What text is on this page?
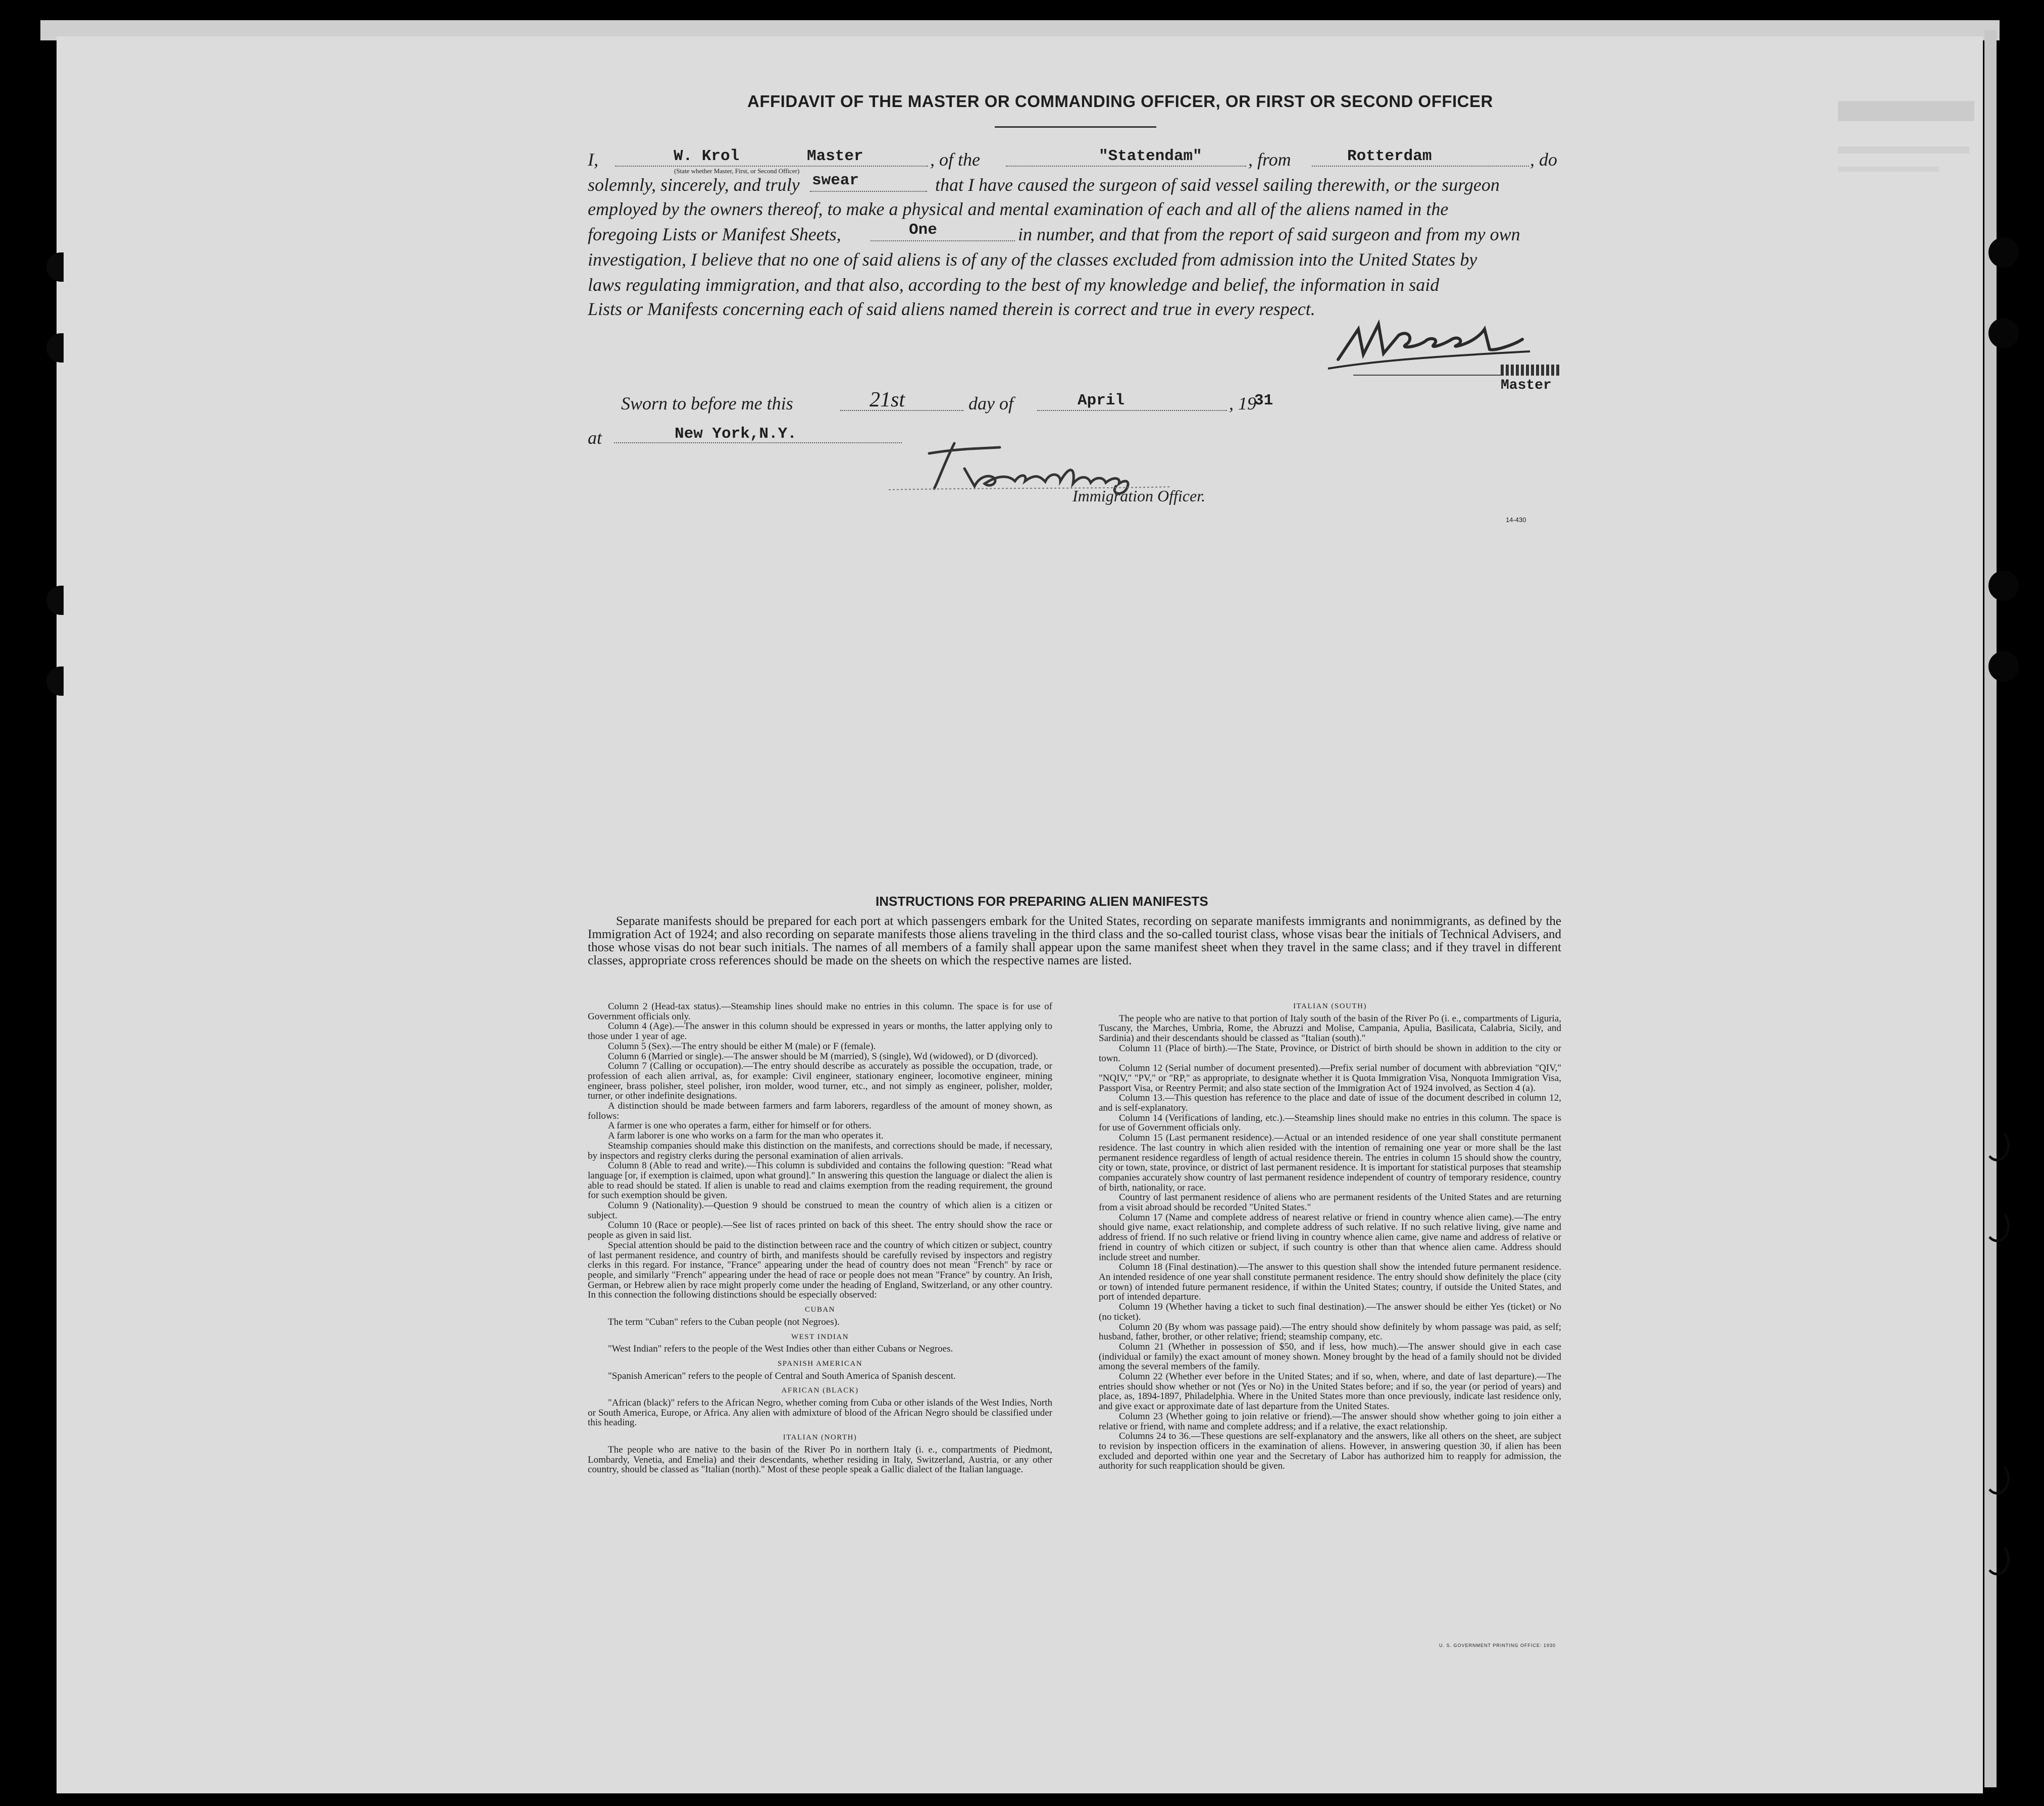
AFFIDAVIT OF THE MASTER OR COMMANDING OFFICER, OR FIRST OR SECOND OFFICER
I,	W. Krol	Master
(State whether Master, First, or Second Officer)
, of the	"Statendam"	, from	Rotterdam	, do
solemnly, sincerely, and truly swear	that I have caused the surgeon of said vessel sailing therewith, or the surgeon
employed by the owners thereof, to make a physical and mental examination of each and all of the aliens named in the
foregoing Lists or Manifest Sheets,	One	in number, and that from the report of said surgeon and from my own
investigation, I believe that no one of said aliens is of any of the classes excluded from admission into the United States by
laws regulating immigration, and that also, according to the best of my knowledge and belief, the information in said
Lists or Manifests concerning each of said aliens named therein is correct and true in every respect.
Master
Sworn to before me this	21st	day of	April	, 19
31
at	New York,N.Y.
Immigration Officer.
14-430
INSTRUCTIONS FOR PREPARING ALIEN MANIFESTS
Separate manifests should be prepared for each port at which passengers embark for the United States, recording on separate manifests immigrants and nonimmigrants, as defined by the Immigration Act of 1924; and also recording on separate manifests those aliens traveling in the third class and the so-called tourist class, whose visas bear the initials of Technical Advisers, and those whose visas do not bear such initials. The names of all members of a family shall appear upon the same manifest sheet when they travel in the same class; and if they travel in different classes, appropriate cross references should be made on the sheets on which the respective names are listed.

Column 2 (Head-tax status).—Steamship lines should make no entries in this column. The space is for use of Government officials only.

Column 4 (Age).—The answer in this column should be expressed in years or months, the latter applying only to those under 1 year of age.

Column 5 (Sex).—The entry should be either M (male) or F (female).

Column 6 (Married or single).—The answer should be M (married), S (single), Wd (widowed), or D (divorced).

Column 7 (Calling or occupation).—The entry should describe as accurately as possible the occupation, trade, or profession of each alien arrival, as, for example: Civil engineer, stationary engineer, locomotive engineer, mining engineer, brass polisher, steel polisher, iron molder, wood turner, etc., and not simply as engineer, polisher, molder, turner, or other indefinite designations.

A distinction should be made between farmers and farm laborers, regardless of the amount of money shown, as follows:

A farmer is one who operates a farm, either for himself or for others.

A farm laborer is one who works on a farm for the man who operates it.

Steamship companies should make this distinction on the manifests, and corrections should be made, if necessary, by inspectors and registry clerks during the personal examination of alien arrivals.

Column 8 (Able to read and write).—This column is subdivided and contains the following question: "Read what language [or, if exemption is claimed, upon what ground]." In answering this question the language or dialect the alien is able to read should be stated. If alien is unable to read and claims exemption from the reading requirement, the ground for such exemption should be given.

Column 9 (Nationality).—Question 9 should be construed to mean the country of which alien is a citizen or subject.

Column 10 (Race or people).—See list of races printed on back of this sheet. The entry should show the race or people as given in said list.

Special attention should be paid to the distinction between race and the country of which citizen or subject, country of last permanent residence, and country of birth, and manifests should be carefully revised by inspectors and registry clerks in this regard. For instance, "France" appearing under the head of country does not mean "French" by race or people, and similarly "French" appearing under the head of race or people does not mean "France" by country. An Irish, German, or Hebrew alien by race might properly come under the heading of England, Switzerland, or any other country. In this connection the following distinctions should be especially observed:

CUBAN

The term "Cuban" refers to the Cuban people (not Negroes).

WEST INDIAN

"West Indian" refers to the people of the West Indies other than either Cubans or Negroes.

SPANISH AMERICAN

"Spanish American" refers to the people of Central and South America of Spanish descent.

AFRICAN (BLACK)

"African (black)" refers to the African Negro, whether coming from Cuba or other islands of the West Indies, North or South America, Europe, or Africa. Any alien with admixture of blood of the African Negro should be classified under this heading.

ITALIAN (NORTH)

The people who are native to the basin of the River Po in northern Italy (i. e., compartments of Piedmont, Lombardy, Venetia, and Emelia) and their descendants, whether residing in Italy, Switzerland, Austria, or any other country, should be classed as "Italian (north)." Most of these people speak a Gallic dialect of the Italian language.

ITALIAN (SOUTH)

The people who are native to that portion of Italy south of the basin of the River Po (i. e., compartments of Liguria, Tuscany, the Marches, Umbria, Rome, the Abruzzi and Molise, Campania, Apulia, Basilicata, Calabria, Sicily, and Sardinia) and their descendants should be classed as "Italian (south)."

Column 11 (Place of birth).—The State, Province, or District of birth should be shown in addition to the city or town.

Column 12 (Serial number of document presented).—Prefix serial number of document with abbreviation "QIV," "NQIV," "PV," or "RP," as appropriate, to designate whether it is Quota Immigration Visa, Nonquota Immigration Visa, Passport Visa, or Reentry Permit; and also state section of the Immigration Act of 1924 involved, as Section 4 (a).

Column 13.—This question has reference to the place and date of issue of the document described in column 12, and is self-explanatory.

Column 14 (Verifications of landing, etc.).—Steamship lines should make no entries in this column. The space is for use of Government officials only.

Column 15 (Last permanent residence).—Actual or an intended residence of one year shall constitute permanent residence. The last country in which alien resided with the intention of remaining one year or more shall be the last permanent residence regardless of length of actual residence therein. The entries in column 15 should show the country, city or town, state, province, or district of last permanent residence. It is important for statistical purposes that steamship companies accurately show country of last permanent residence independent of country of temporary residence, country of birth, nationality, or race.

Country of last permanent residence of aliens who are permanent residents of the United States and are returning from a visit abroad should be recorded "United States."

Column 17 (Name and complete address of nearest relative or friend in country whence alien came).—The entry should give name, exact relationship, and complete address of such relative. If no such relative living, give name and address of friend. If no such relative or friend living in country whence alien came, give name and address of relative or friend in country of which citizen or subject, if such country is other than that whence alien came. Address should include street and number.

Column 18 (Final destination).—The answer to this question shall show the intended future permanent residence. An intended residence of one year shall constitute permanent residence. The entry should show definitely the place (city or town) of intended future permanent residence, if within the United States; country, if outside the United States, and port of intended departure.

Column 19 (Whether having a ticket to such final destination).—The answer should be either Yes (ticket) or No (no ticket).

Column 20 (By whom was passage paid).—The entry should show definitely by whom passage was paid, as self; husband, father, brother, or other relative; friend; steamship company, etc.

Column 21 (Whether in possession of $50, and if less, how much).—The answer should give in each case (individual or family) the exact amount of money shown. Money brought by the head of a family should not be divided among the several members of the family.

Column 22 (Whether ever before in the United States; and if so, when, where, and date of last departure).—The entries should show whether or not (Yes or No) in the United States before; and if so, the year (or period of years) and place, as, 1894-1897, Philadelphia. Where in the United States more than once previously, indicate last residence only, and give exact or approximate date of last departure from the United States.

Column 23 (Whether going to join relative or friend).—The answer should show whether going to join either a relative or friend, with name and complete address; and if a relative, the exact relationship.

Columns 24 to 36.—These questions are self-explanatory and the answers, like all others on the sheet, are subject to revision by inspection officers in the examination of aliens. However, in answering question 30, if alien has been excluded and deported within one year and the Secretary of Labor has authorized him to reapply for admission, the authority for such reapplication should be given.

U. S. GOVERNMENT PRINTING OFFICE: 1930
